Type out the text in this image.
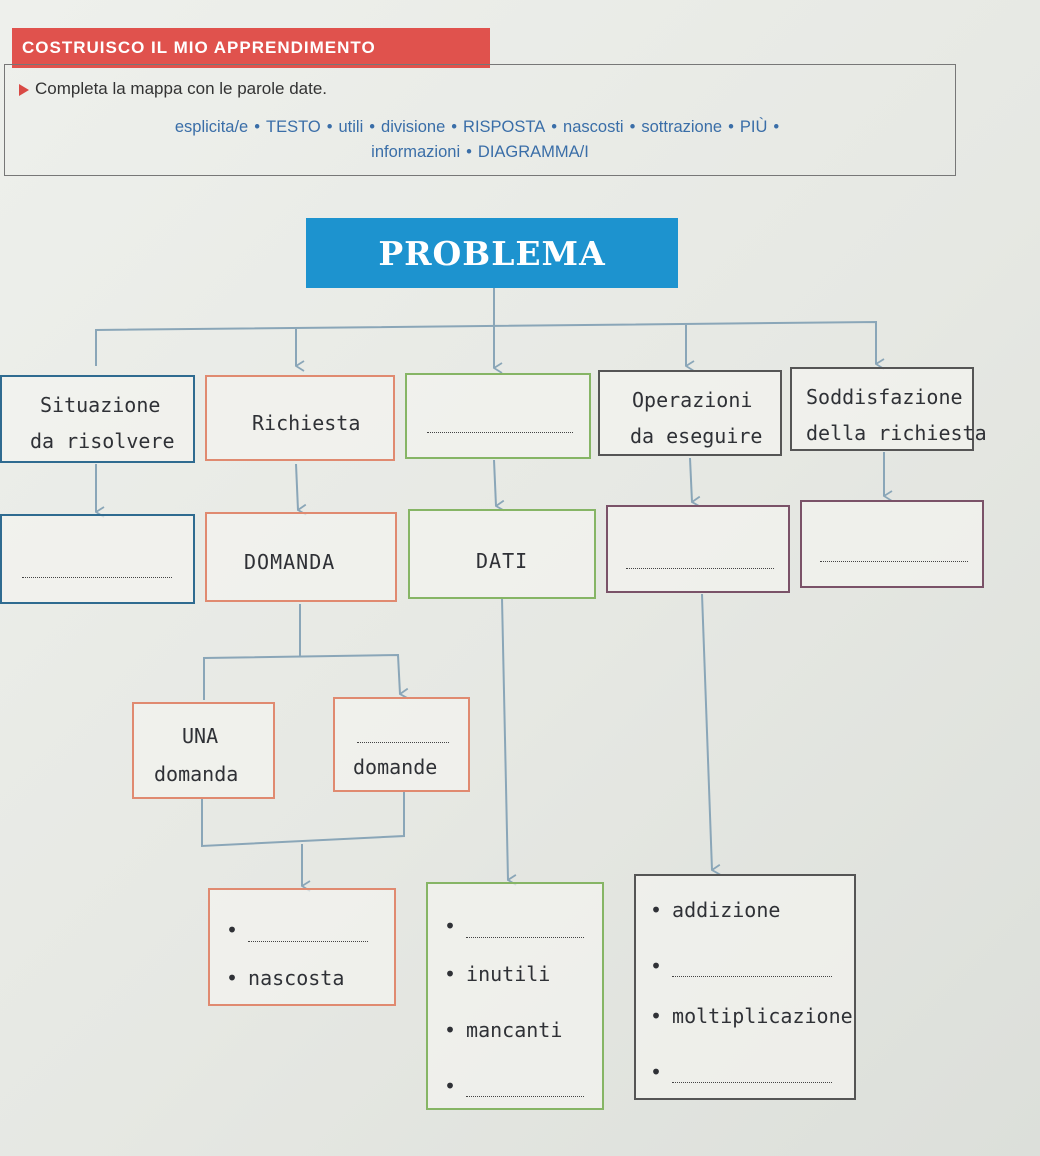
COSTRUISCO IL MIO APPRENDIMENTO
Completa la mappa con le parole date.
esplicita/e • TESTO • utili • divisione • RISPOSTA • nascosti • sottrazione • PIÙ •
informazioni • DIAGRAMMA/I
PROBLEMA
Situazione
da risolvere
Richiesta
Operazioni
da eseguire
Soddisfazione
della richiesta
DOMANDA	DATI
UNA
domanda	domande
•
• nascosta
•
•	inutili
• mancanti
•
• addizione
•
• moltiplicazione
•
